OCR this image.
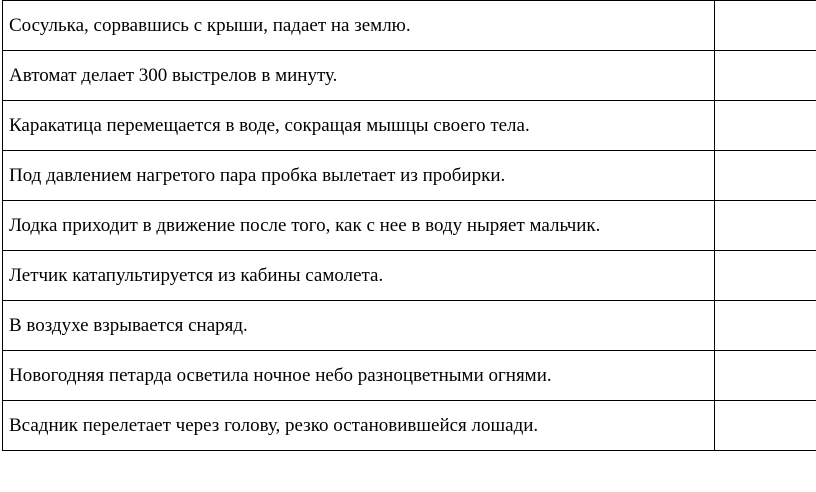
Сосулька, сорвавшись с крыши, падает на землю.	
Автомат делает 300 выстрелов в минуту.	
Каракатица перемещается в воде, сокращая мышцы своего тела.	
Под давлением нагретого пара пробка вылетает из пробирки.	
Лодка приходит в движение после того, как с нее в воду ныряет мальчик.	
Летчик катапультируется из кабины самолета.	
В воздухе взрывается снаряд.	
Новогодняя петарда осветила ночное небо разноцветными огнями.	
Всадник перелетает через голову, резко остановившейся лошади.	
